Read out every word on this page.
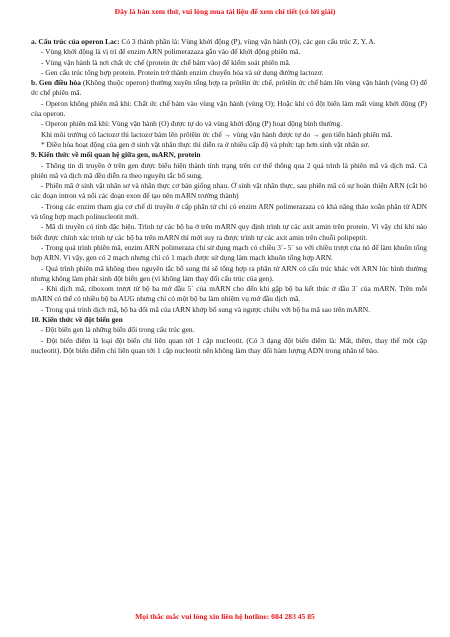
Đây là bản xem thử, vui lòng mua tài liệu để xem chi tiết (có lời giải)

a. Cấu trúc của operon Lac: Có 3 thành phần là: Vùng khởi động (P), vùng vận hành (O), các gen cấu trúc Z, Y, A.

- Vùng khởi động là vị trí để enzim ARN polimerazaza gắn vào để khởi động phiên mã.

- Vùng vận hành là nơi chất ức chế (protein ức chế bám vào) để kiểm soát phiên mã.

- Gen cấu trúc tổng hợp protein. Protein trở thành enzim chuyển hóa và sử dụng đường lactozơ.

b. Gen điều hòa (Không thuộc operon) thường xuyên tổng hợp ra prôtêin ức chế, prôtêin ức chế bám lên vùng vận hành (vùng O) để ức chế phiên mã.

- Operon không phiên mã khi: Chất ức chế bám vào vùng vận hành (vùng O); Hoặc khi có đột biến làm mất vùng khởi động (P) của operon.

- Operon phiên mã khi: Vùng vận hành (O) được tự do và vùng khởi động (P) hoạt động bình thường.

Khi môi trường có lactozơ thì lactozơ bám lên prôtêin ức chế → vùng vận hành được tự do → gen tiến hành phiên mã.

* Điều hòa hoạt động của gen ở sinh vật nhân thực thì diễn ra ở nhiều cấp độ và phức tạp hơn sinh vật nhân sơ.

9. Kiến thức về mối quan hệ giữa gen, mARN, protein

- Thông tin di truyền ở trên gen được biểu hiện thành tính trạng trên cơ thể thông qua 2 quá trình là phiên mã và dịch mã. Cả phiên mã và dịch mã đều diễn ra theo nguyên tắc bổ sung.

- Phiên mã ở sinh vật nhân sơ và nhân thực cơ bản giống nhau. Ở sinh vật nhân thực, sau phiên mã có sự hoàn thiện ARN (cắt bỏ các đoạn intron và nối các đoạn exon để tạo nên mARN trưởng thành)

- Trong các enzim tham gia cơ chế di truyền ở cấp phân tử chỉ có enzim ARN polimerazaza có khả năng tháo xoắn phân tử ADN và tổng hợp mạch polinucleotit mới.

- Mã di truyền có tính đặc hiệu. Trình tự các bộ ba ở trên mARN quy định trình tự các axit amin trên protein. Vì vậy chỉ khi nào biết được chính xác trình tự các bộ ba trên mARN thì mới suy ra được trình tự các axit amin trên chuỗi polipeptit.

- Trong quá trình phiên mã, enzim ARN polimeraza chỉ sử dụng mạch có chiều 3´- 5´ so với chiều trượt của nó để làm khuôn tổng hợp ARN. Vì vậy, gen có 2 mạch nhưng chỉ có 1 mạch được sử dụng làm mạch khuôn tổng hợp ARN.

- Quá trình phiên mã không theo nguyên tắc bổ sung thì sẽ tổng hợp ra phân tử ARN có cấu trúc khác với ARN lúc bình thường nhưng không làm phát sinh đột biến gen (vì không làm thay đổi cấu trúc của gen).

- Khi dịch mã, riboxom trượt từ bộ ba mở đầu 5´ của mARN cho đến khi gặp bộ ba kết thúc ở đầu 3´ của mARN. Trên mỗi mARN có thể có nhiều bộ ba AUG nhưng chỉ có một bộ ba làm nhiệm vụ mở đầu dịch mã.

- Trong quá trình dịch mã, bộ ba đối mã của tARN khớp bổ sung và ngược chiều với bộ ba mã sao trên mARN.

10. Kiến thức về đột biến gen

- Đột biến gen là những biến đổi trong cấu trúc gen.

- Đột biến điểm là loại đột biến chỉ liên quan tới 1 cặp nucleotit. (Có 3 dạng đột biến điểm là: Mất, thêm, thay thế một cặp nucleotit). Đột biến điểm chỉ liên quan tới 1 cặp nucleotit nên không làm thay đổi hàm lượng ADN trong nhân tế bào.

Mọi thắc mắc vui lòng xin liên hệ hotline: 084 283 45 85
